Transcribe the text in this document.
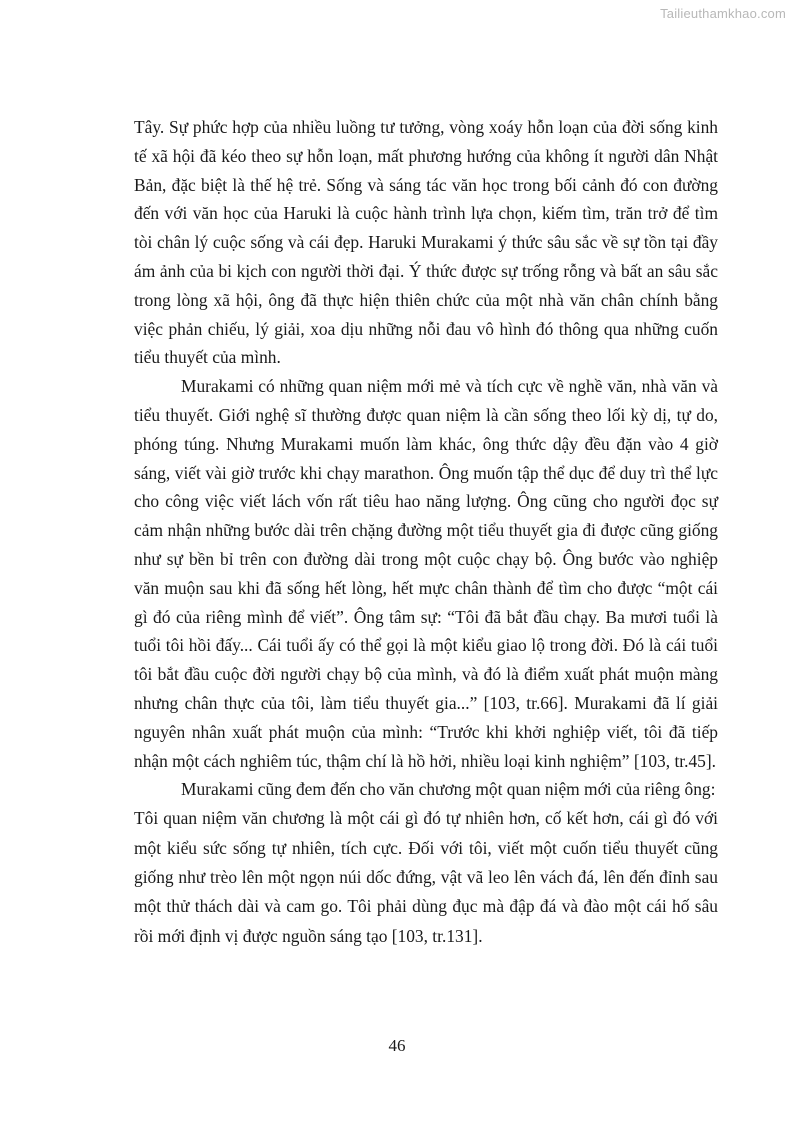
Tailieuthamkhao.com

Tây. Sự phức hợp của nhiều luồng tư tưởng, vòng xoáy hỗn loạn của đời sống kinh tế xã hội đã kéo theo sự hỗn loạn, mất phương hướng của không ít người dân Nhật Bản, đặc biệt là thế hệ trẻ. Sống và sáng tác văn học trong bối cảnh đó con đường đến với văn học của Haruki là cuộc hành trình lựa chọn, kiếm tìm, trăn trở để tìm tòi chân lý cuộc sống và cái đẹp. Haruki Murakami ý thức sâu sắc về sự tồn tại đầy ám ảnh của bi kịch con người thời đại. Ý thức được sự trống rỗng và bất an sâu sắc trong lòng xã hội, ông đã thực hiện thiên chức của một nhà văn chân chính bằng việc phản chiếu, lý giải, xoa dịu những nỗi đau vô hình đó thông qua những cuốn tiểu thuyết của mình.

Murakami có những quan niệm mới mẻ và tích cực về nghề văn, nhà văn và tiểu thuyết. Giới nghệ sĩ thường được quan niệm là cần sống theo lối kỳ dị, tự do, phóng túng. Nhưng Murakami muốn làm khác, ông thức dậy đều đặn vào 4 giờ sáng, viết vài giờ trước khi chạy marathon. Ông muốn tập thể dục để duy trì thể lực cho công việc viết lách vốn rất tiêu hao năng lượng. Ông cũng cho người đọc sự cảm nhận những bước dài trên chặng đường một tiểu thuyết gia đi được cũng giống như sự bền bỉ trên con đường dài trong một cuộc chạy bộ. Ông bước vào nghiệp văn muộn sau khi đã sống hết lòng, hết mực chân thành để tìm cho được “một cái gì đó của riêng mình để viết”. Ông tâm sự: “Tôi đã bắt đầu chạy. Ba mươi tuổi là tuổi tôi hồi đấy... Cái tuổi ấy có thể gọi là một kiểu giao lộ trong đời. Đó là cái tuổi tôi bắt đầu cuộc đời người chạy bộ của mình, và đó là điểm xuất phát muộn màng nhưng chân thực của tôi, làm tiểu thuyết gia...” [103, tr.66]. Murakami đã lí giải nguyên nhân xuất phát muộn của mình: “Trước khi khởi nghiệp viết, tôi đã tiếp nhận một cách nghiêm túc, thậm chí là hồ hởi, nhiều loại kinh nghiệm” [103, tr.45].

Murakami cũng đem đến cho văn chương một quan niệm mới của riêng ông:

Tôi quan niệm văn chương là một cái gì đó tự nhiên hơn, cố kết hơn, cái gì đó với một kiểu sức sống tự nhiên, tích cực. Đối với tôi, viết một cuốn tiểu thuyết cũng giống như trèo lên một ngọn núi dốc đứng, vật vã leo lên vách đá, lên đến đỉnh sau một thử thách dài và cam go. Tôi phải dùng đục mà đập đá và đào một cái hố sâu rồi mới định vị được nguồn sáng tạo [103, tr.131].

46
